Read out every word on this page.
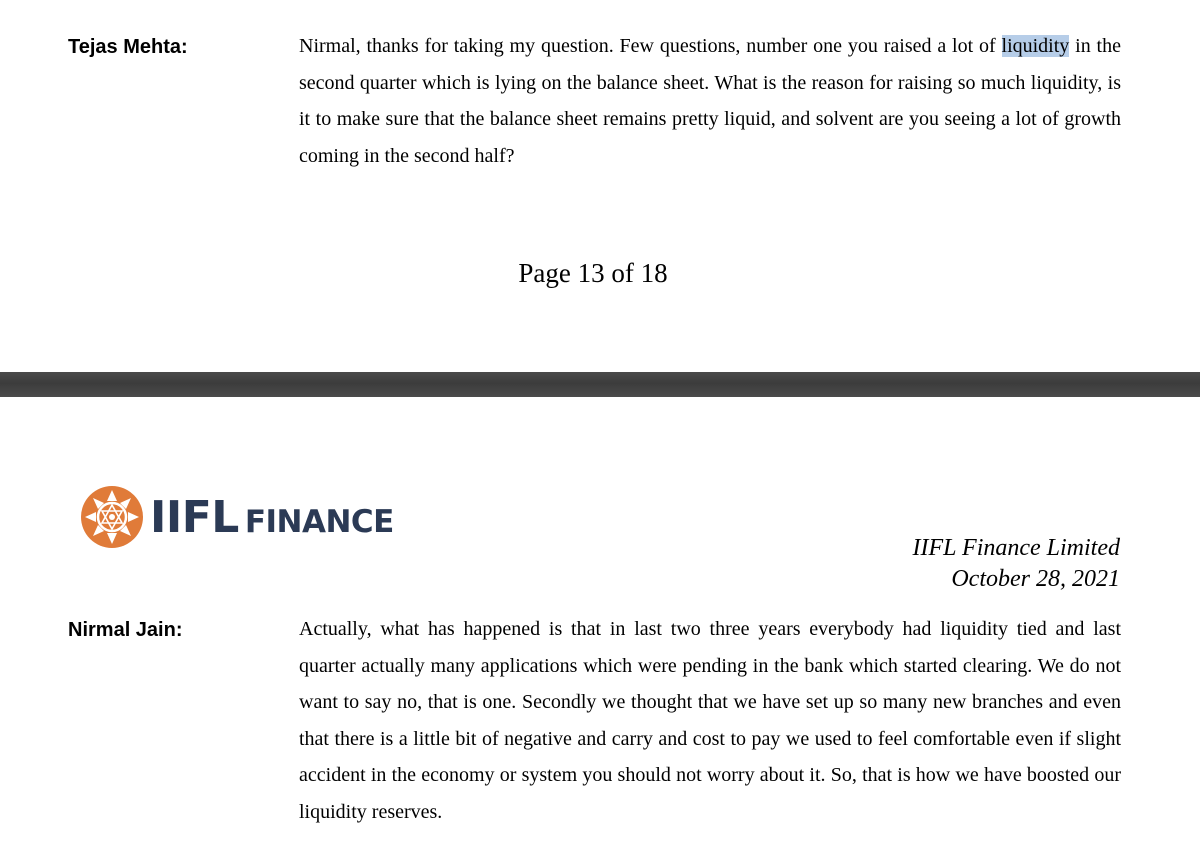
Tejas Mehta:	Nirmal, thanks for taking my question. Few questions, number one you raised a lot of liquidity in the second quarter which is lying on the balance sheet. What is the reason for raising so much liquidity, is it to make sure that the balance sheet remains pretty liquid, and solvent are you seeing a lot of growth coming in the second half?
Page 13 of 18
IIFL FINANCE
IIFL Finance Limited
October 28, 2021
Nirmal Jain:	Actually, what has happened is that in last two three years everybody had liquidity tied and last quarter actually many applications which were pending in the bank which started clearing. We do not want to say no, that is one. Secondly we thought that we have set up so many new branches and even that there is a little bit of negative and carry and cost to pay we used to feel comfortable even if slight accident in the economy or system you should not worry about it. So, that is how we have boosted our liquidity reserves.
